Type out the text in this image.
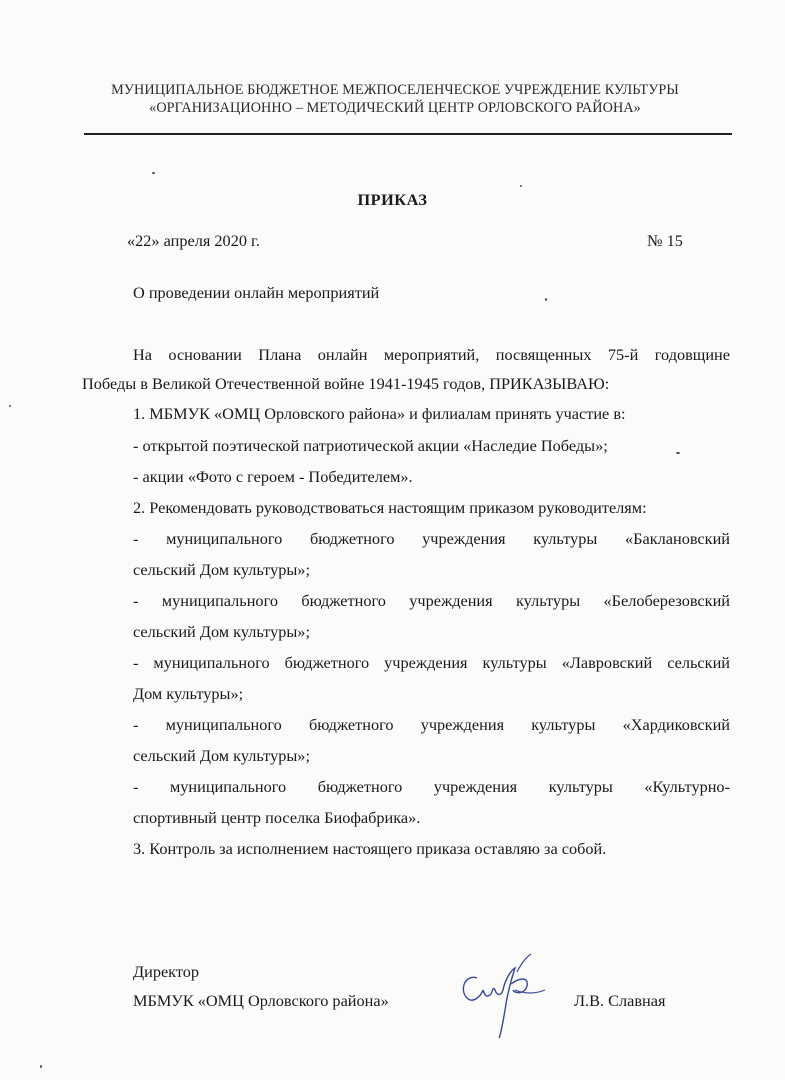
МУНИЦИПАЛЬНОЕ БЮДЖЕТНОЕ МЕЖПОСЕЛЕНЧЕСКОЕ УЧРЕЖДЕНИЕ КУЛЬТУРЫ
«ОРГАНИЗАЦИОННО – МЕТОДИЧЕСКИЙ ЦЕНТР ОРЛОВСКОГО РАЙОНА»
ПРИКАЗ
«22» апреля 2020 г.	№ 15
О проведении онлайн мероприятий
На основании Плана онлайн мероприятий, посвященных 75-й годовщине
Победы в Великой Отечественной войне 1941-1945 годов, ПРИКАЗЫВАЮ:
1. МБМУК «ОМЦ Орловского района» и филиалам принять участие в:
- открытой поэтической патриотической акции «Наследие Победы»;
- акции «Фото с героем - Победителем».
2. Рекомендовать руководствоваться настоящим приказом руководителям:
- муниципального бюджетного учреждения культуры «Баклановский
сельский Дом культуры»;
- муниципального бюджетного учреждения культуры «Белоберезовский
сельский Дом культуры»;
- муниципального бюджетного учреждения культуры «Лавровский сельский
Дом культуры»;
- муниципального бюджетного учреждения культуры «Хардиковский
сельский Дом культуры»;
- муниципального бюджетного учреждения культуры «Культурно-
спортивный центр поселка Биофабрика».
3. Контроль за исполнением настоящего приказа оставляю за собой.
Директор
МБМУК «ОМЦ Орловского района»	Л.В. Славная
